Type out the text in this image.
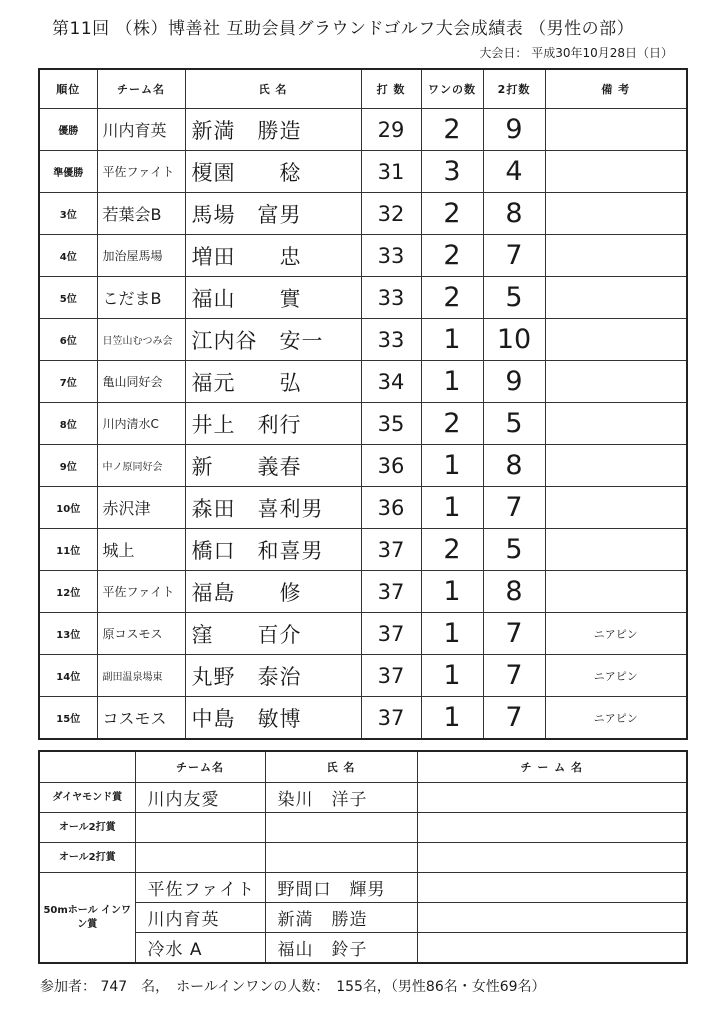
第11回 （株）博善社 互助会員グラウンドゴルフ大会成績表 （男性の部）
大会日： 平成30年10月28日（日）
順位	チーム名	氏 名	打 数	ワンの数	2打数	備 考
優勝	川内育英	新満　勝造	29	2	9	
準優勝	平佐ファイト	榎園　　稔	31	3	4	
3位	若葉会B	馬場　富男	32	2	8	
4位	加治屋馬場	増田　　忠	33	2	7	
5位	こだまB	福山　　實	33	2	5	
6位	日笠山むつみ会	江内谷　安一	33	1	10	
7位	亀山同好会	福元　　弘	34	1	9	
8位	川内清水C	井上　利行	35	2	5	
9位	中ノ原同好会	新　　義春	36	1	8	
10位	赤沢津	森田　喜利男	36	1	7	
11位	城上	橋口　和喜男	37	2	5	
12位	平佐ファイト	福島　　修	37	1	8	
13位	原コスモス	窪　　百介	37	1	7	ニアピン
14位	副田温泉場東	丸野　泰治	37	1	7	ニアピン
15位	コスモス	中島　敏博	37	1	7	ニアピン
	チーム名	氏 名	チ ー ム 名
ダイヤモンド賞	川内友愛	染川　洋子	
オール2打賞			
オール2打賞			
50mホール インワン賞	平佐ファイト	野間口　輝男	
	川内育英	新満　勝造	
	冷水 A	福山　鈴子	
参加者： 747　名，　ホールインワンの人数：　155名，（男性86名・女性69名）
